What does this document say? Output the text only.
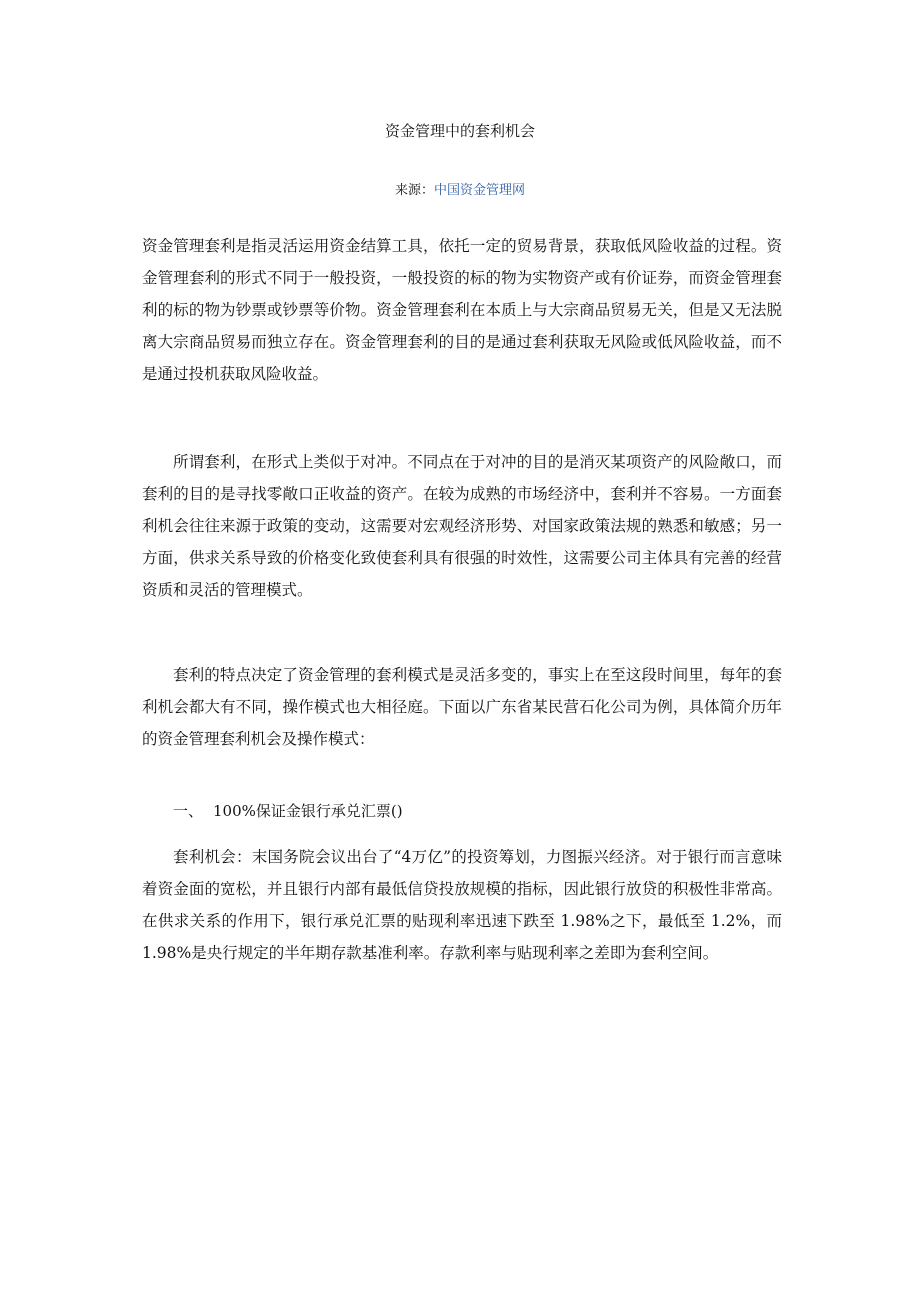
资金管理中的套利机会
来源：中国资金管理网

资金管理套利是指灵活运用资金结算工具，依托一定的贸易背景，获取低风险收益的过程。资金管理套利的形式不同于一般投资，一般投资的标的物为实物资产或有价证券，而资金管理套利的标的物为钞票或钞票等价物。资金管理套利在本质上与大宗商品贸易无关，但是又无法脱离大宗商品贸易而独立存在。资金管理套利的目的是通过套利获取无风险或低风险收益，而不是通过投机获取风险收益。

所谓套利，在形式上类似于对冲。不同点在于对冲的目的是消灭某项资产的风险敞口，而套利的目的是寻找零敞口正收益的资产。在较为成熟的市场经济中，套利并不容易。一方面套利机会往往来源于政策的变动，这需要对宏观经济形势、对国家政策法规的熟悉和敏感；另一方面，供求关系导致的价格变化致使套利具有很强的时效性，这需要公司主体具有完善的经营资质和灵活的管理模式。

套利的特点决定了资金管理的套利模式是灵活多变的，事实上在至这段时间里，每年的套利机会都大有不同，操作模式也大相径庭。下面以广东省某民营石化公司为例，具体简介历年的资金管理套利机会及操作模式：

一、 100%保证金银行承兑汇票()

套利机会：末国务院会议出台了“4万亿”的投资筹划，力图振兴经济。对于银行而言意味着资金面的宽松，并且银行内部有最低信贷投放规模的指标，因此银行放贷的积极性非常高。在供求关系的作用下，银行承兑汇票的贴现利率迅速下跌至 1.98%之下，最低至 1.2%，而 1.98%是央行规定的半年期存款基准利率。存款利率与贴现利率之差即为套利空间。
